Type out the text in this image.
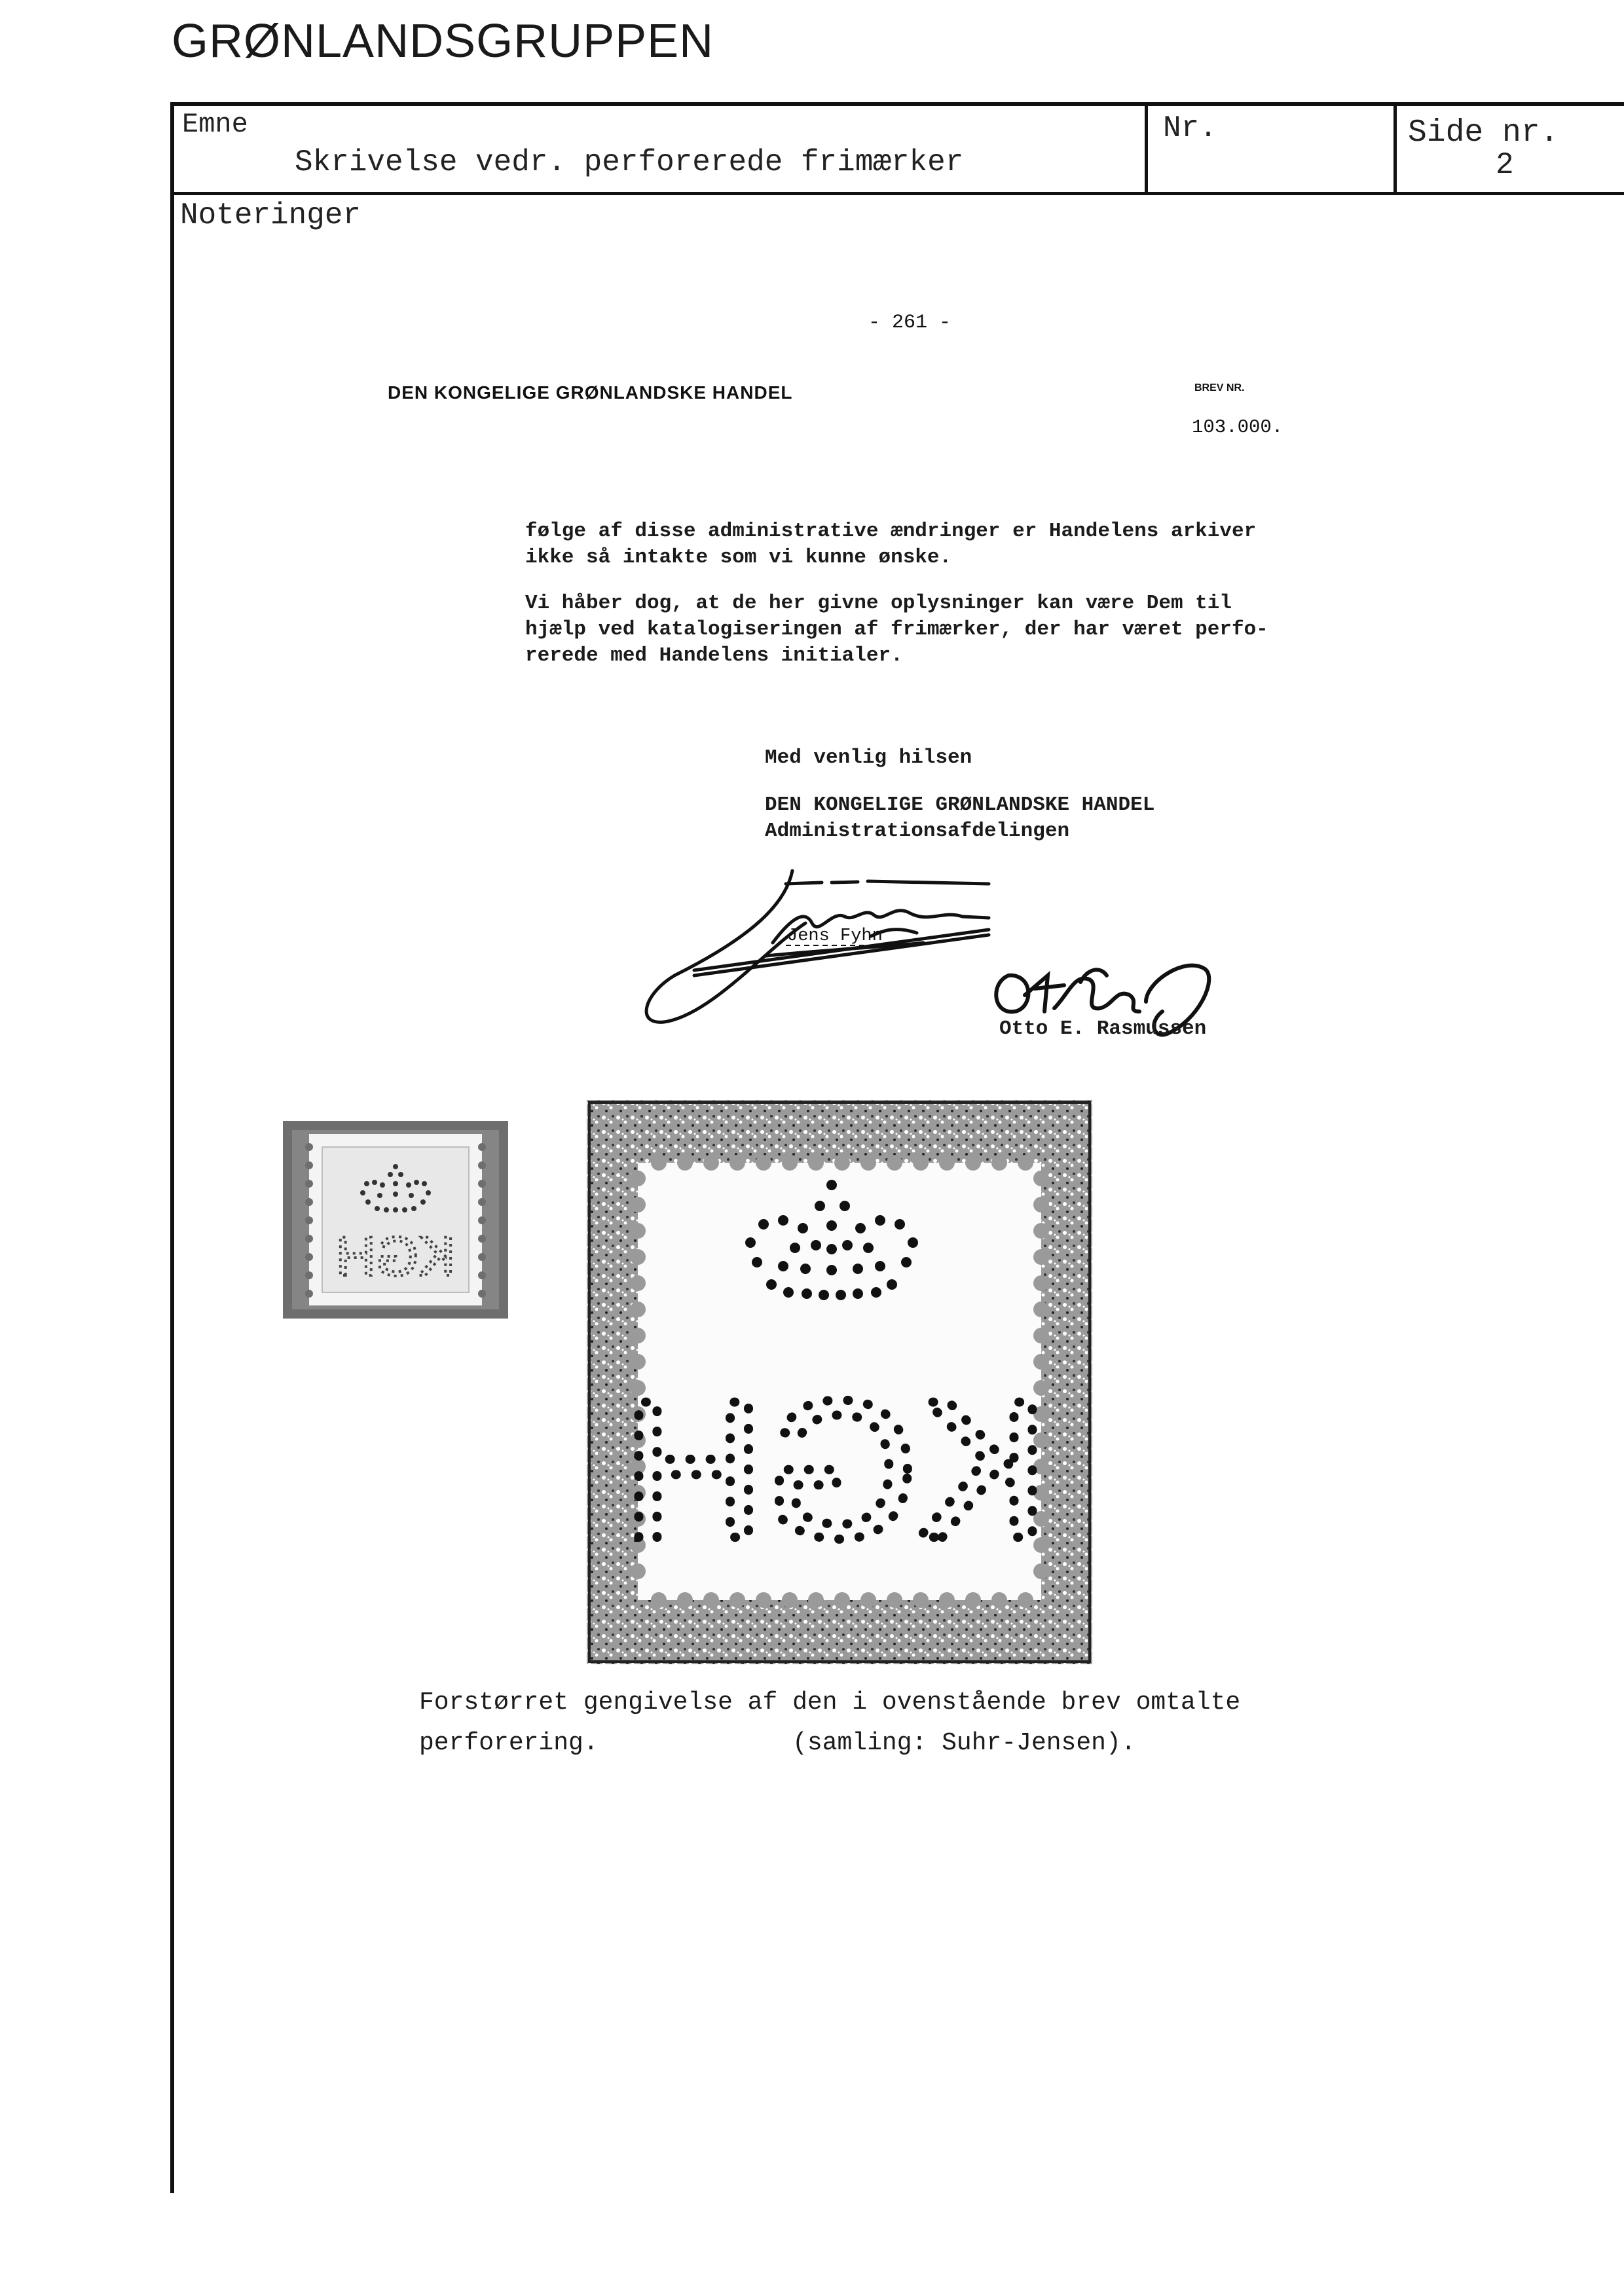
GRØNLANDSGRUPPEN
Emne
Skrivelse vedr. perforerede frimærker
Nr.	Side nr.
2
Noteringer
- 261 -
DEN KONGELIGE GRØNLANDSKE HANDEL	BREV NR.
103.000.
følge af disse administrative ændringer er Handelens arkiver
ikke så intakte som vi kunne ønske.
Vi håber dog, at de her givne oplysninger kan være Dem til
hjælp ved katalogiseringen af frimærker, der har været perfo-
rerede med Handelens initialer.
Med venlig hilsen
DEN KONGELIGE GRØNLANDSKE HANDEL
Administrationsafdelingen
Jens Fyhn
Otto E. Rasmussen
KGH
KGH
Forstørret gengivelse af den i ovenstående brev omtalte
perforering.             (samling: Suhr-Jensen).
